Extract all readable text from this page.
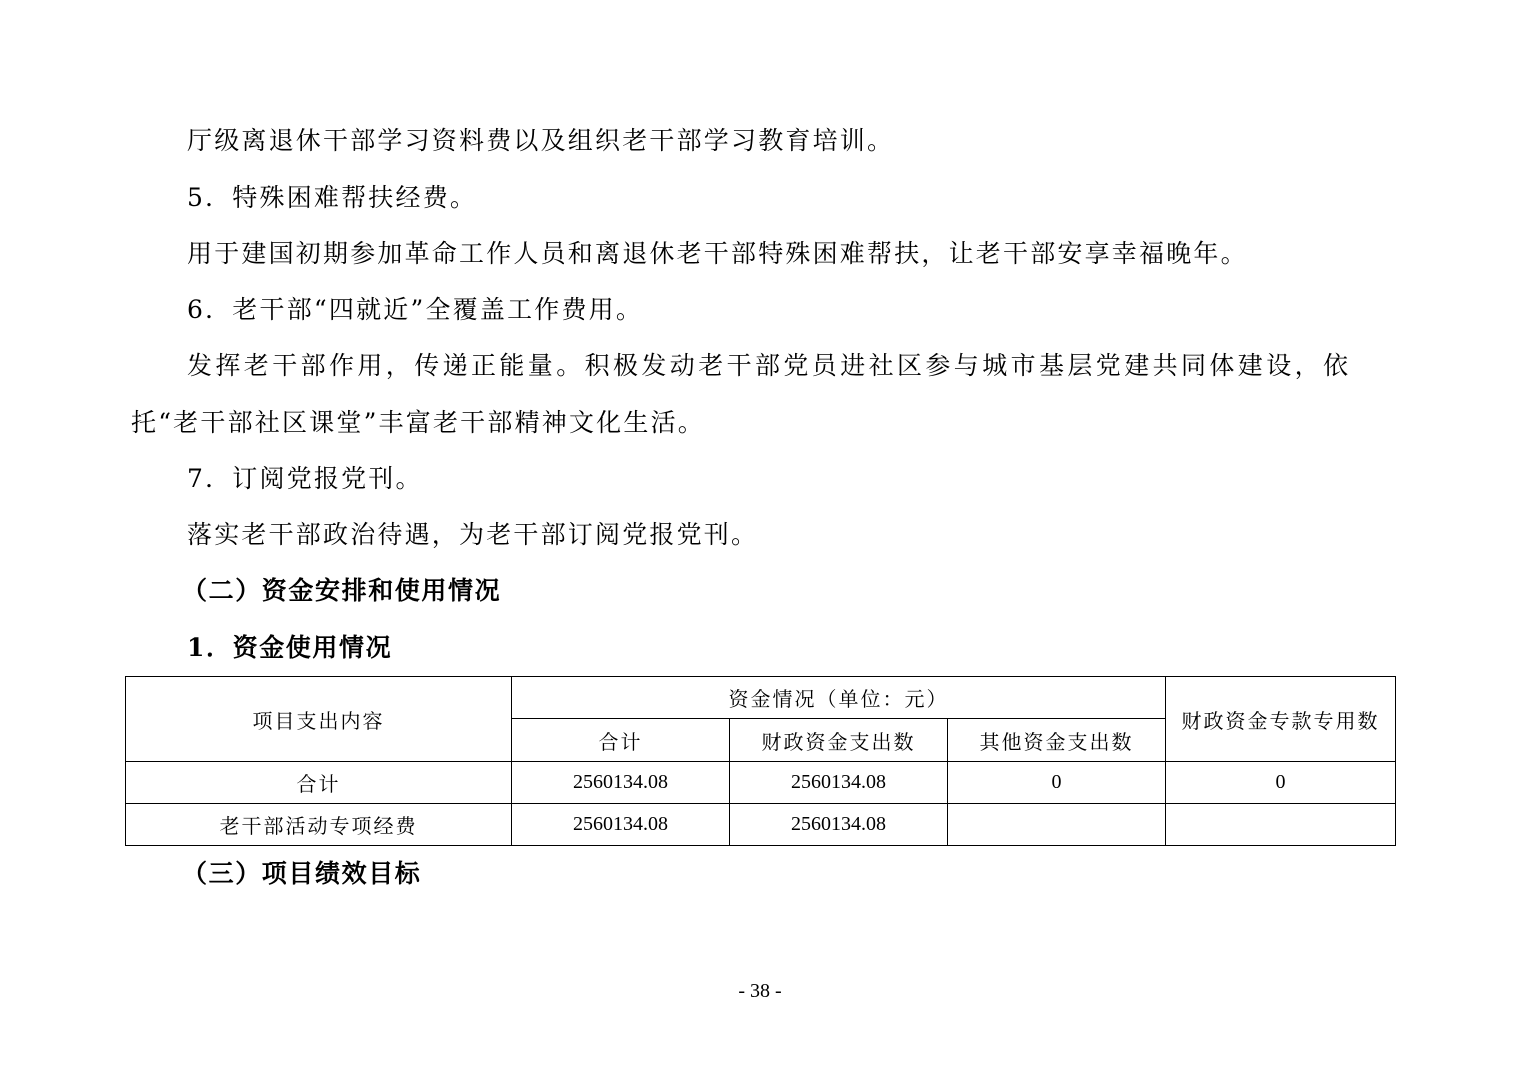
厅级离退休干部学习资料费以及组织老干部学习教育培训。

5．特殊困难帮扶经费。

用于建国初期参加革命工作人员和离退休老干部特殊困难帮扶，让老干部安享幸福晚年。

6．老干部“四就近”全覆盖工作费用。

发挥老干部作用，传递正能量。积极发动老干部党员进社区参与城市基层党建共同体建设，依

托“老干部社区课堂”丰富老干部精神文化生活。

7．订阅党报党刊。

落实老干部政治待遇，为老干部订阅党报党刊。

（二）资金安排和使用情况

1．资金使用情况

项目支出内容	资金情况（单位：元）			财政资金专款专用数
	合计	财政资金支出数	其他资金支出数	
合计	2560134.08	2560134.08	0	0
老干部活动专项经费	2560134.08	2560134.08		

（三）项目绩效目标

- 38 -
